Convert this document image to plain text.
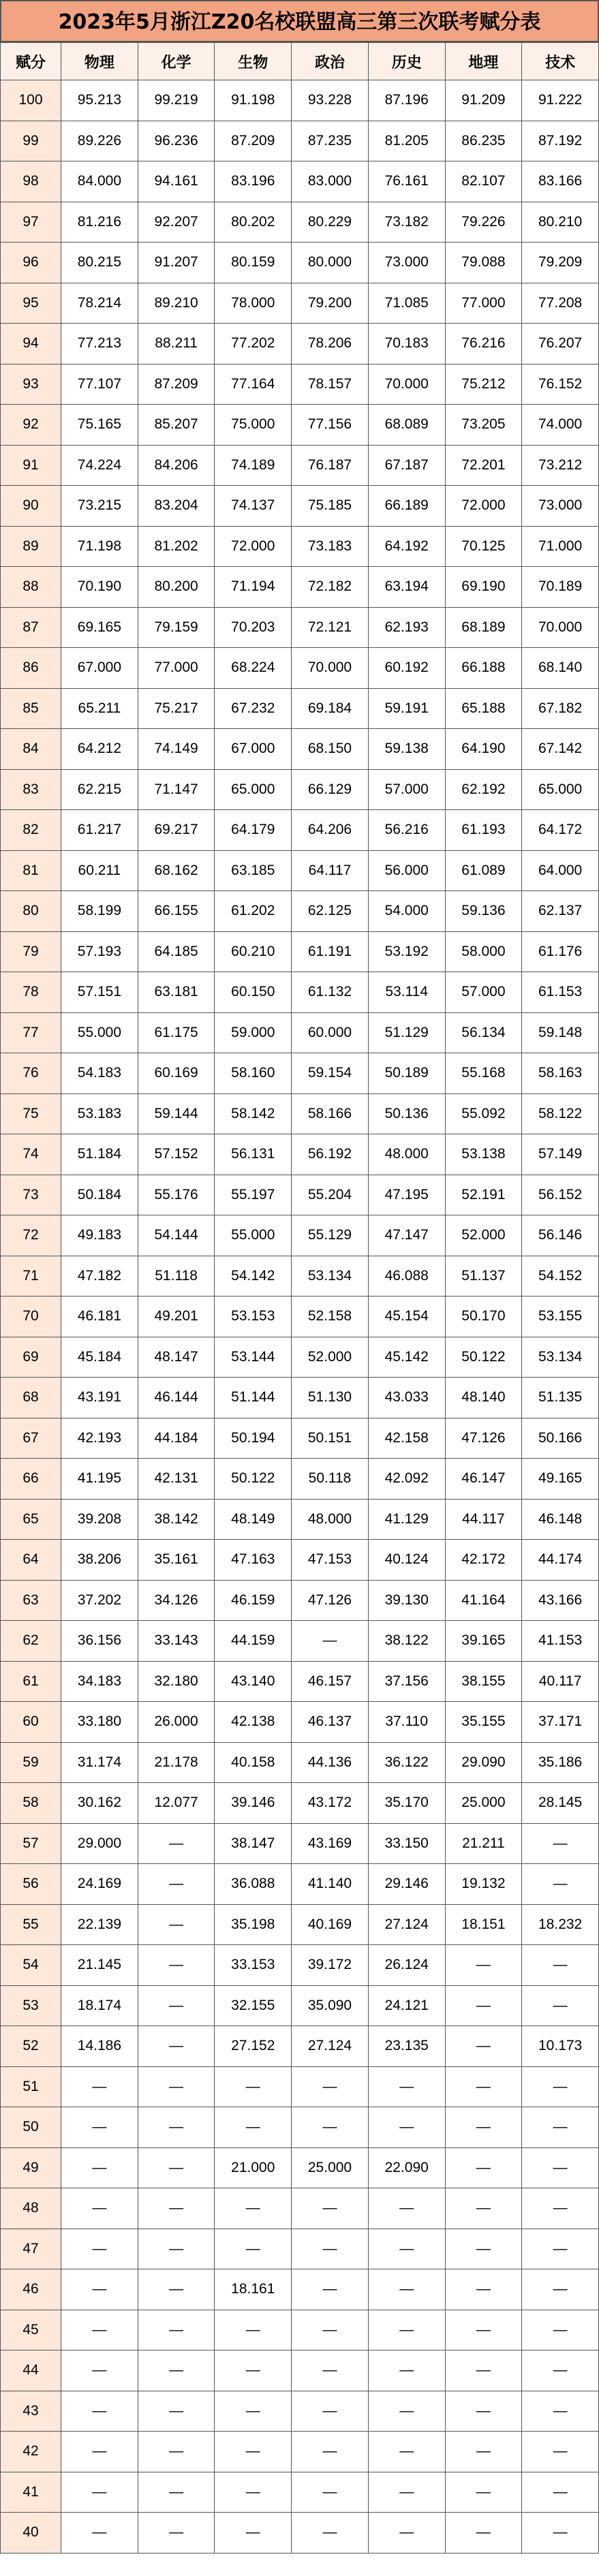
2023年5月浙江Z20名校联盟高三第三次联考赋分表
赋分	物理	化学	生物	政治	历史	地理	技术
100	95.213	99.219	91.198	93.228	87.196	91.209	91.222
99	89.226	96.236	87.209	87.235	81.205	86.235	87.192
98	84.000	94.161	83.196	83.000	76.161	82.107	83.166
97	81.216	92.207	80.202	80.229	73.182	79.226	80.210
96	80.215	91.207	80.159	80.000	73.000	79.088	79.209
95	78.214	89.210	78.000	79.200	71.085	77.000	77.208
94	77.213	88.211	77.202	78.206	70.183	76.216	76.207
93	77.107	87.209	77.164	78.157	70.000	75.212	76.152
92	75.165	85.207	75.000	77.156	68.089	73.205	74.000
91	74.224	84.206	74.189	76.187	67.187	72.201	73.212
90	73.215	83.204	74.137	75.185	66.189	72.000	73.000
89	71.198	81.202	72.000	73.183	64.192	70.125	71.000
88	70.190	80.200	71.194	72.182	63.194	69.190	70.189
87	69.165	79.159	70.203	72.121	62.193	68.189	70.000
86	67.000	77.000	68.224	70.000	60.192	66.188	68.140
85	65.211	75.217	67.232	69.184	59.191	65.188	67.182
84	64.212	74.149	67.000	68.150	59.138	64.190	67.142
83	62.215	71.147	65.000	66.129	57.000	62.192	65.000
82	61.217	69.217	64.179	64.206	56.216	61.193	64.172
81	60.211	68.162	63.185	64.117	56.000	61.089	64.000
80	58.199	66.155	61.202	62.125	54.000	59.136	62.137
79	57.193	64.185	60.210	61.191	53.192	58.000	61.176
78	57.151	63.181	60.150	61.132	53.114	57.000	61.153
77	55.000	61.175	59.000	60.000	51.129	56.134	59.148
76	54.183	60.169	58.160	59.154	50.189	55.168	58.163
75	53.183	59.144	58.142	58.166	50.136	55.092	58.122
74	51.184	57.152	56.131	56.192	48.000	53.138	57.149
73	50.184	55.176	55.197	55.204	47.195	52.191	56.152
72	49.183	54.144	55.000	55.129	47.147	52.000	56.146
71	47.182	51.118	54.142	53.134	46.088	51.137	54.152
70	46.181	49.201	53.153	52.158	45.154	50.170	53.155
69	45.184	48.147	53.144	52.000	45.142	50.122	53.134
68	43.191	46.144	51.144	51.130	43.033	48.140	51.135
67	42.193	44.184	50.194	50.151	42.158	47.126	50.166
66	41.195	42.131	50.122	50.118	42.092	46.147	49.165
65	39.208	38.142	48.149	48.000	41.129	44.117	46.148
64	38.206	35.161	47.163	47.153	40.124	42.172	44.174
63	37.202	34.126	46.159	47.126	39.130	41.164	43.166
62	36.156	33.143	44.159	—	38.122	39.165	41.153
61	34.183	32.180	43.140	46.157	37.156	38.155	40.117
60	33.180	26.000	42.138	46.137	37.110	35.155	37.171
59	31.174	21.178	40.158	44.136	36.122	29.090	35.186
58	30.162	12.077	39.146	43.172	35.170	25.000	28.145
57	29.000	—	38.147	43.169	33.150	21.211	—
56	24.169	—	36.088	41.140	29.146	19.132	—
55	22.139	—	35.198	40.169	27.124	18.151	18.232
54	21.145	—	33.153	39.172	26.124	—	—
53	18.174	—	32.155	35.090	24.121	—	—
52	14.186	—	27.152	27.124	23.135	—	10.173
51	—	—	—	—	—	—	—
50	—	—	—	—	—	—	—
49	—	—	21.000	25.000	22.090	—	—
48	—	—	—	—	—	—	—
47	—	—	—	—	—	—	—
46	—	—	18.161	—	—	—	—
45	—	—	—	—	—	—	—
44	—	—	—	—	—	—	—
43	—	—	—	—	—	—	—
42	—	—	—	—	—	—	—
41	—	—	—	—	—	—	—
40	—	—	—	—	—	—	—
